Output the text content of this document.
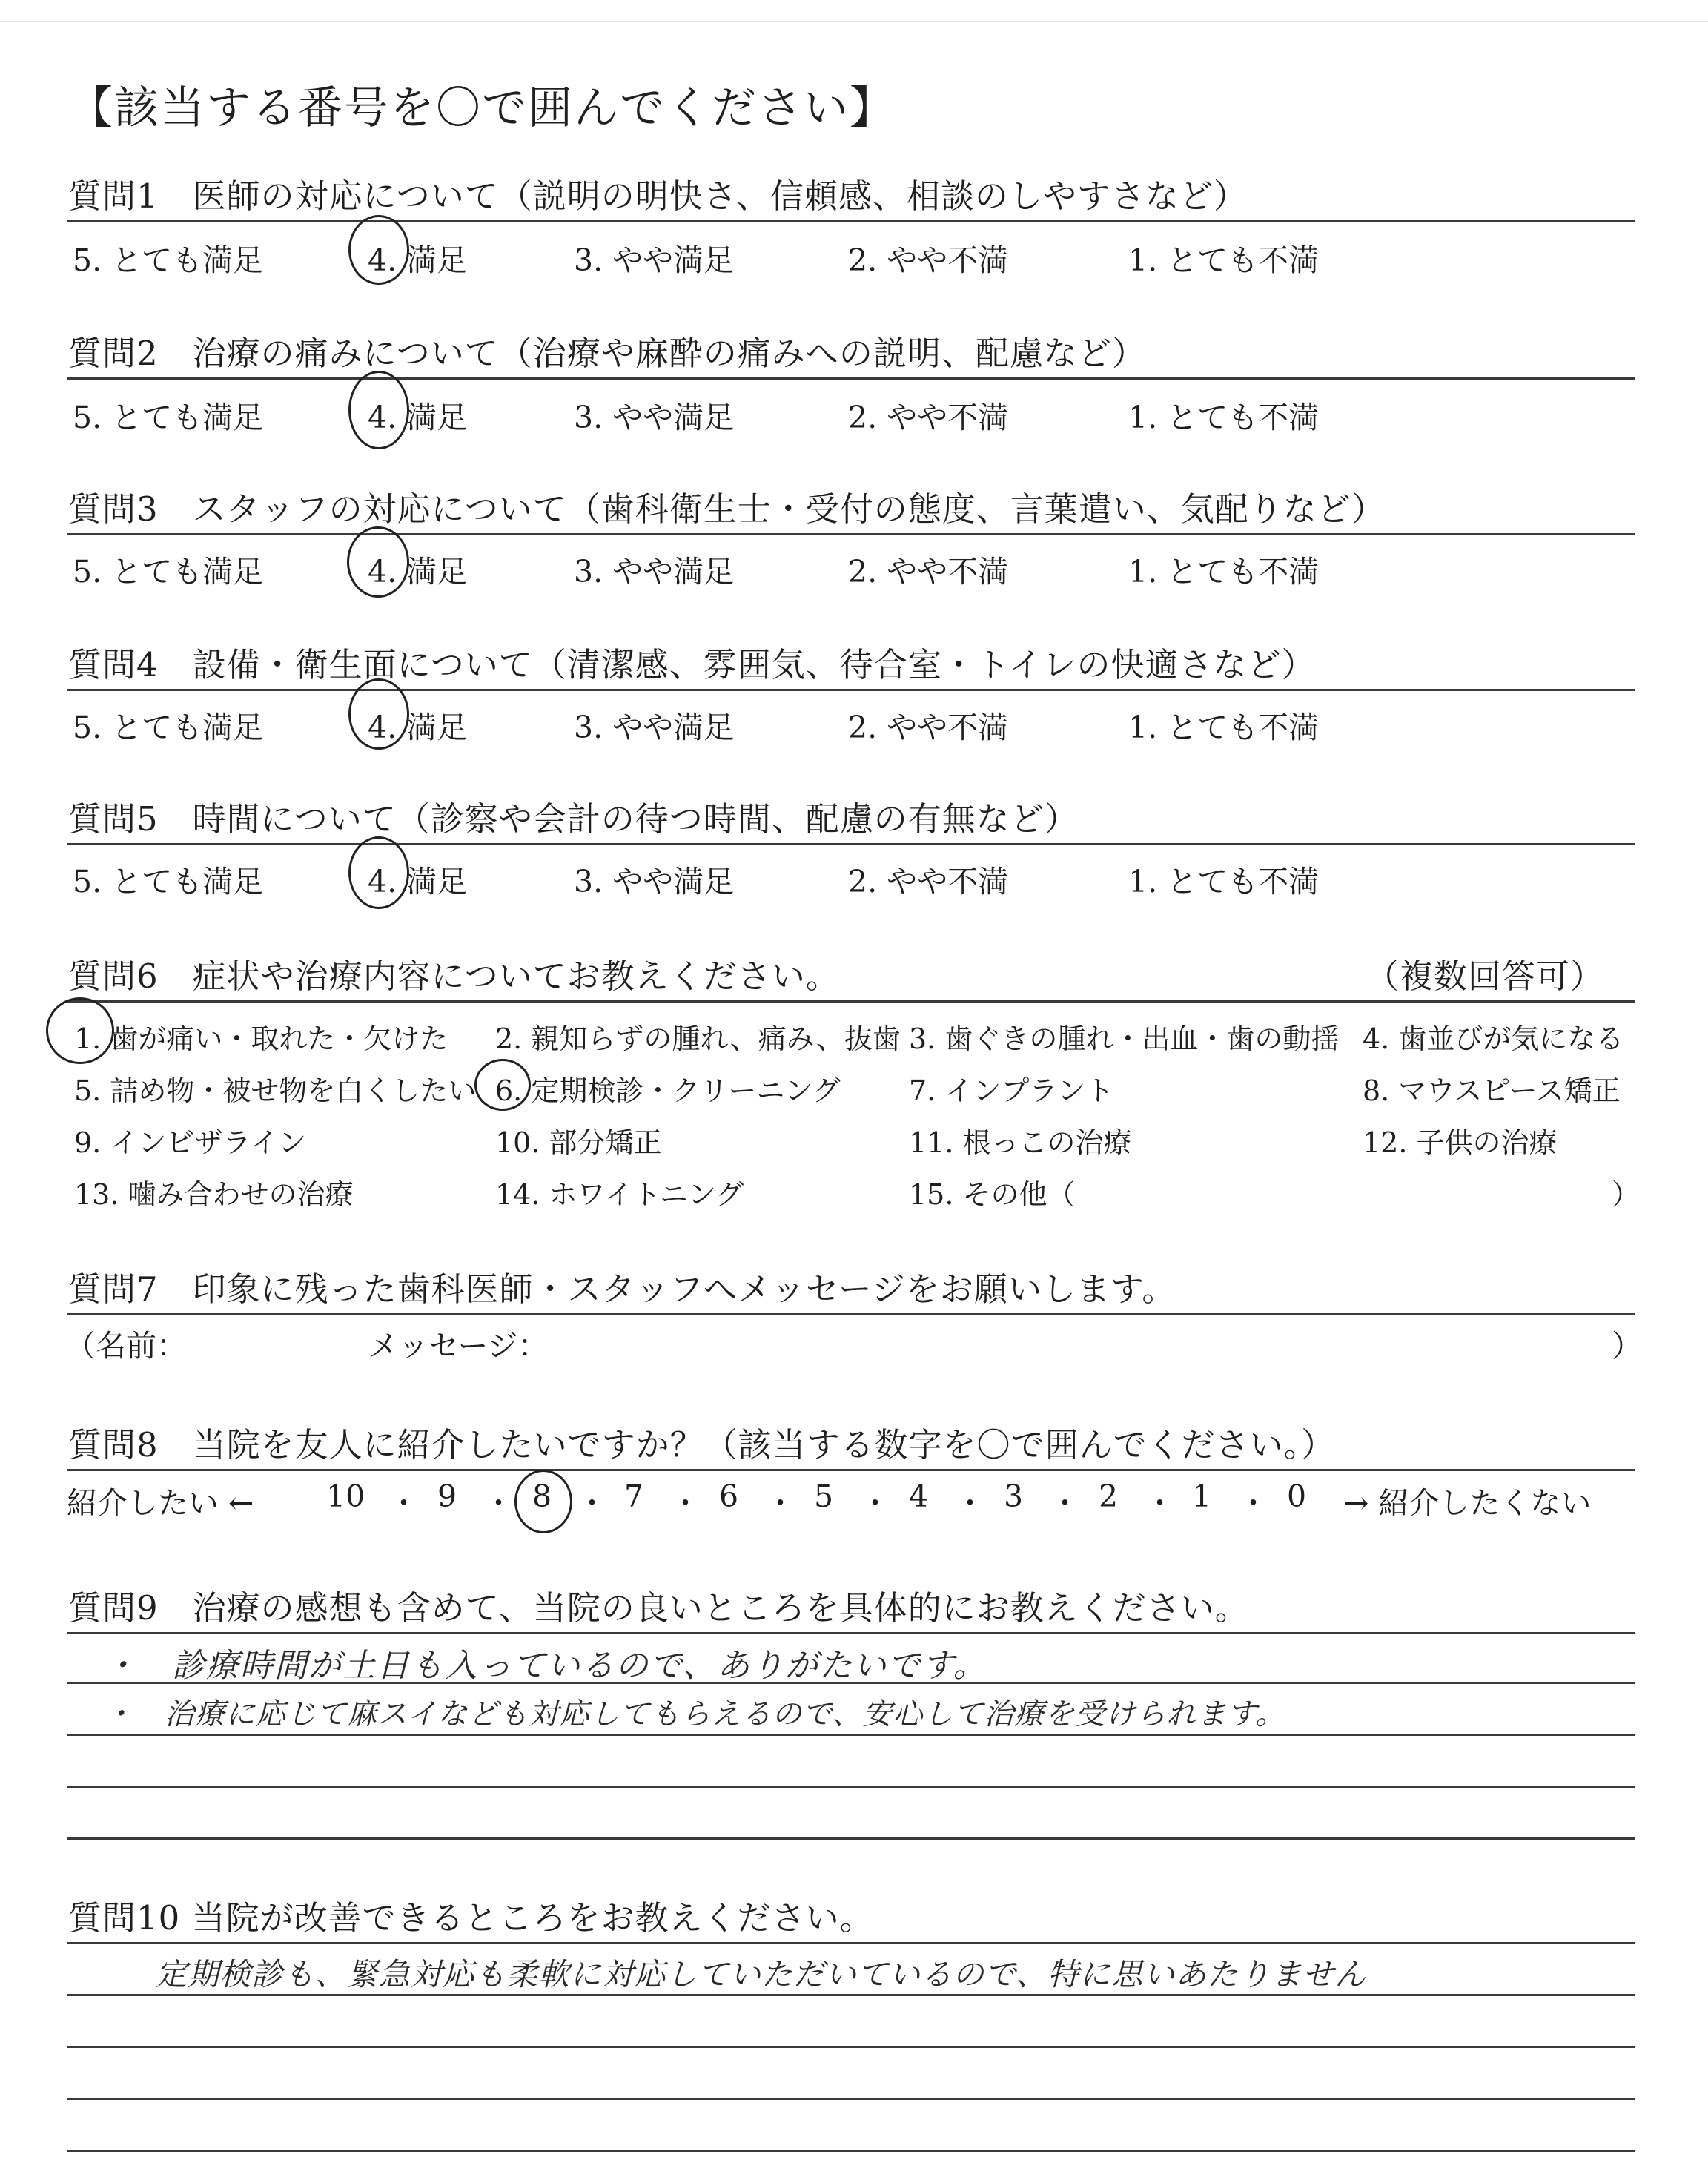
【該当する番号を〇で囲んでください】
質問1　医師の対応について（説明の明快さ、信頼感、相談のしやすさなど）
5. とても満足	4. 満足	3. やや満足	2. やや不満	1. とても不満
質問2　治療の痛みについて（治療や麻酔の痛みへの説明、配慮など）
5. とても満足	4. 満足	3. やや満足	2. やや不満	1. とても不満
質問3　スタッフの対応について（歯科衛生士・受付の態度、言葉遣い、気配りなど）
5. とても満足	4. 満足	3. やや満足	2. やや不満	1. とても不満
質問4　設備・衛生面について（清潔感、雰囲気、待合室・トイレの快適さなど）
5. とても満足	4. 満足	3. やや満足	2. やや不満	1. とても不満
質問5　時間について（診察や会計の待つ時間、配慮の有無など）
5. とても満足	4. 満足	3. やや満足	2. やや不満	1. とても不満
質問6　症状や治療内容についてお教えください。	（複数回答可）
1. 歯が痛い・取れた・欠けた 2. 親知らずの腫れ、痛み、抜歯 3. 歯ぐきの腫れ・出血・歯の動揺 4. 歯並びが気になる
5. 詰め物・被せ物を白くしたい 6. 定期検診・クリーニング 7. インプラント	8. マウスピース矯正
9. インビザライン	10. 部分矯正	11. 根っこの治療	12. 子供の治療
13. 噛み合わせの治療	14. ホワイトニング	15. その他（	）
質問7　印象に残った歯科医師・スタッフへメッセージをお願いします。
（名前：	メッセージ：	）
質問8　当院を友人に紹介したいですか？（該当する数字を〇で囲んでください。）
紹介したい ←	→ 紹介したくない
10 ・ 9 ・ 8 ・ 7 ・ 6 ・ 5 ・ 4 ・ 3 ・ 2 ・ 1 ・ 0
質問9　治療の感想も含めて、当院の良いところを具体的にお教えください。
・　診療時間が土日も入っているので、ありがたいです。
・　治療に応じて麻スイなども対応してもらえるので、安心して治療を受けられます。
質問10 当院が改善できるところをお教えください。
定期検診も、緊急対応も柔軟に対応していただいているので、特に思いあたりません
